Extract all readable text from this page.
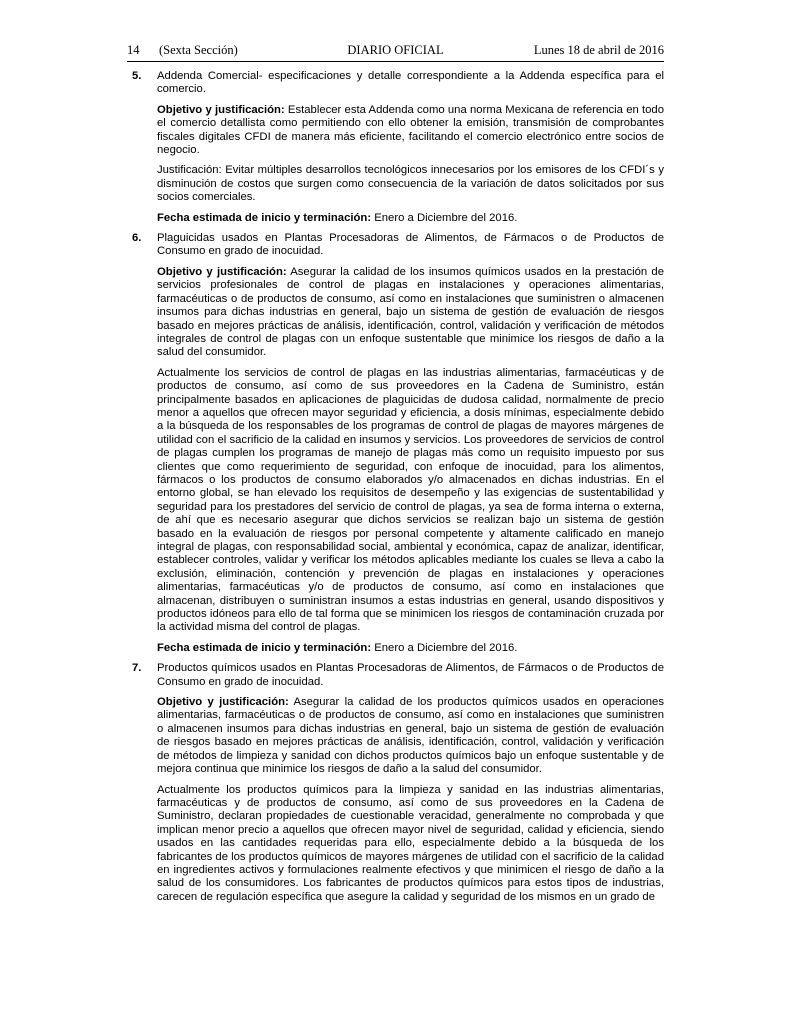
14 (Sexta Sección)	DIARIO OFICIAL	Lunes 18 de abril de 2016
5. Addenda Comercial- especificaciones y detalle correspondiente a la Addenda específica para el comercio.

Objetivo y justificación: Establecer esta Addenda como una norma Mexicana de referencia en todo el comercio detallista como permitiendo con ello obtener la emisión, transmisión de comprobantes fiscales digitales CFDI de manera más eficiente, facilitando el comercio electrónico entre socios de negocio.

Justificación: Evitar múltiples desarrollos tecnológicos innecesarios por los emisores de los CFDI´s y disminución de costos que surgen como consecuencia de la variación de datos solicitados por sus socios comerciales.

Fecha estimada de inicio y terminación: Enero a Diciembre del 2016.

6. Plaguicidas usados en Plantas Procesadoras de Alimentos, de Fármacos o de Productos de Consumo en grado de inocuidad.

Objetivo y justificación: Asegurar la calidad de los insumos químicos usados en la prestación de servicios profesionales de control de plagas en instalaciones y operaciones alimentarias, farmacéuticas o de productos de consumo, así como en instalaciones que suministren o almacenen insumos para dichas industrias en general, bajo un sistema de gestión de evaluación de riesgos basado en mejores prácticas de análisis, identificación, control, validación y verificación de métodos integrales de control de plagas con un enfoque sustentable que minimice los riesgos de daño a la salud del consumidor.

Actualmente los servicios de control de plagas en las industrias alimentarias, farmacéuticas y de productos de consumo, así como de sus proveedores en la Cadena de Suministro, están principalmente basados en aplicaciones de plaguicidas de dudosa calidad, normalmente de precio menor a aquellos que ofrecen mayor seguridad y eficiencia, a dosis mínimas, especialmente debido a la búsqueda de los responsables de los programas de control de plagas de mayores márgenes de utilidad con el sacrificio de la calidad en insumos y servicios. Los proveedores de servicios de control de plagas cumplen los programas de manejo de plagas más como un requisito impuesto por sus clientes que como requerimiento de seguridad, con enfoque de inocuidad, para los alimentos, fármacos o los productos de consumo elaborados y/o almacenados en dichas industrias. En el entorno global, se han elevado los requisitos de desempeño y las exigencias de sustentabilidad y seguridad para los prestadores del servicio de control de plagas, ya sea de forma interna o externa, de ahí que es necesario asegurar que dichos servicios se realizan bajo un sistema de gestión basado en la evaluación de riesgos por personal competente y altamente calificado en manejo integral de plagas, con responsabilidad social, ambiental y económica, capaz de analizar, identificar, establecer controles, validar y verificar los métodos aplicables mediante los cuales se lleva a cabo la exclusión, eliminación, contención y prevención de plagas en instalaciones y operaciones alimentarias, farmacéuticas y/o de productos de consumo, así como en instalaciones que almacenan, distribuyen o suministran insumos a estas industrias en general, usando dispositivos y productos idóneos para ello de tal forma que se minimicen los riesgos de contaminación cruzada por la actividad misma del control de plagas.

Fecha estimada de inicio y terminación: Enero a Diciembre del 2016.

7. Productos químicos usados en Plantas Procesadoras de Alimentos, de Fármacos o de Productos de Consumo en grado de inocuidad.

Objetivo y justificación: Asegurar la calidad de los productos químicos usados en operaciones alimentarias, farmacéuticas o de productos de consumo, así como en instalaciones que suministren o almacenen insumos para dichas industrias en general, bajo un sistema de gestión de evaluación de riesgos basado en mejores prácticas de análisis, identificación, control, validación y verificación de métodos de limpieza y sanidad con dichos productos químicos bajo un enfoque sustentable y de mejora continua que minimice los riesgos de daño a la salud del consumidor.

Actualmente los productos químicos para la limpieza y sanidad en las industrias alimentarias, farmacéuticas y de productos de consumo, así como de sus proveedores en la Cadena de Suministro, declaran propiedades de cuestionable veracidad, generalmente no comprobada y que implican menor precio a aquellos que ofrecen mayor nivel de seguridad, calidad y eficiencia, siendo usados en las cantidades requeridas para ello, especialmente debido a la búsqueda de los fabricantes de los productos químicos de mayores márgenes de utilidad con el sacrificio de la calidad en ingredientes activos y formulaciones realmente efectivos y que minimicen el riesgo de daño a la salud de los consumidores. Los fabricantes de productos químicos para estos tipos de industrias, carecen de regulación específica que asegure la calidad y seguridad de los mismos en un grado de
